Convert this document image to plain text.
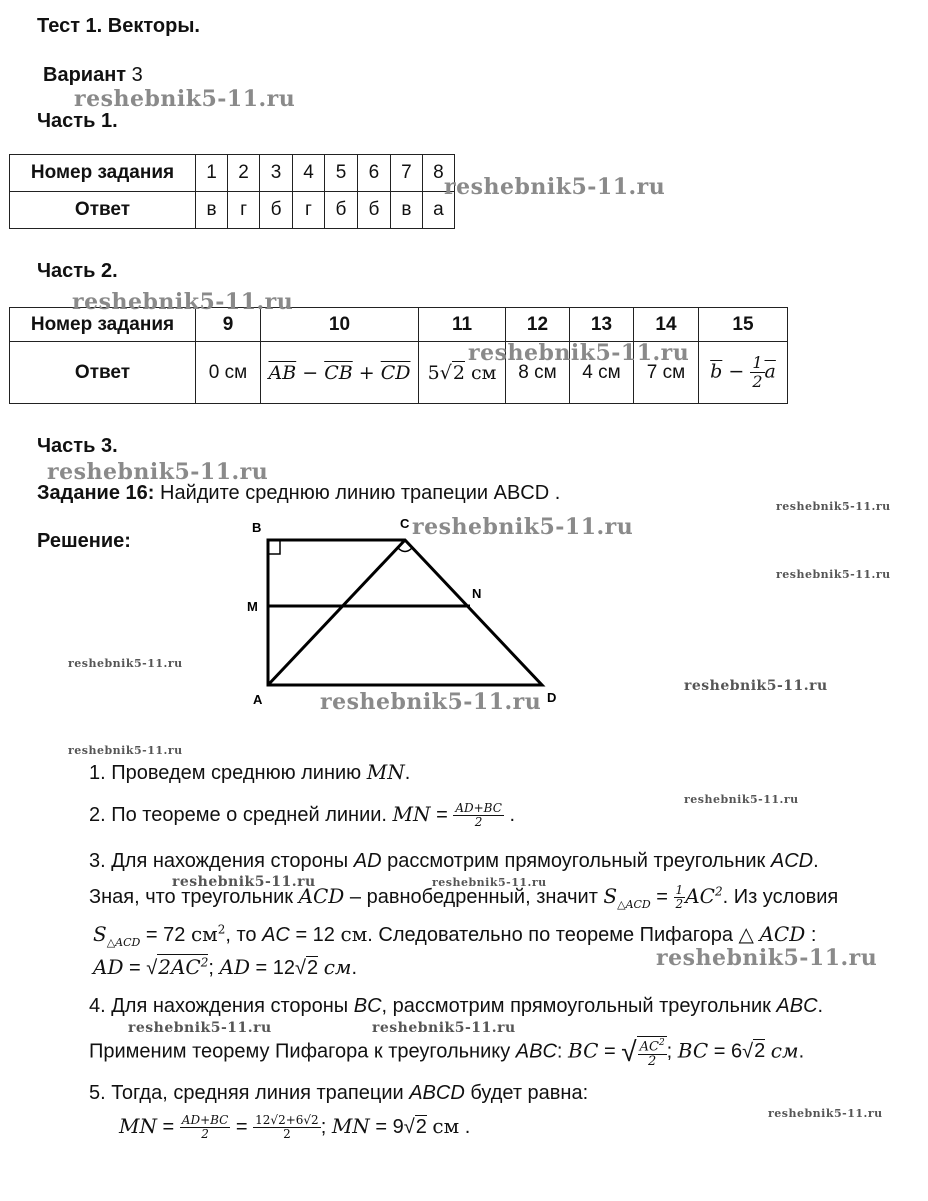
Тест 1. Векторы.
Вариант 3
Часть 1.
Номер задания	1	2	3	4	5	6	7	8
Ответ	в	г	б	г	б	б	в	а
Часть 2.
Номер задания	9	10	11	12	13	14	15
Ответ	0 см	$\overline{AB} - \overline{CB} + \overline{CD}$	5√2 см	8 см	4 см	7 см	$\overline{b} - \frac{1}{2} \overline{a}$
Часть 3.
Задание 16: Найдите среднюю линию трапеции ABCD .
Решение:
B	C
M
N
A	D
1. Проведем среднюю линию MN.
2. По теореме о средней линии. MN = $\frac{AD+BC}{2}$ .
3. Для нахождения стороны AD рассмотрим прямоугольный треугольник ACD.
Зная, что треугольник ACD – равнобедренный, значит $S_{\triangle ACD} = \frac{1}{2} AC^2$. Из условия
$S_{\triangle ACD} = 72$ $см^2$, то AC = 12 см. Следовательно по теореме Пифагора △ ACD :
AD = $√2AC^2$; AD = 12√2 см.
4. Для нахождения стороны BC, рассмотрим прямоугольный треугольник ABC.
Применим теорему Пифагора к треугольнику ABC: BC = √ $\frac{AC^2}{2}$ ; BC = 6√2 см.
5. Тогда, средняя линия трапеции ABCD будет равна:
MN = $\frac{AD+BC}{2} = \frac{12√2+6√2}{2}$ ; MN = 9√2 см .
reshebnik5-11.ru
reshebnik5-11.ru
reshebnik5-11.ru
reshebnik5-11.ru
reshebnik5-11.ru
reshebnik5-11.ru
reshebnik5-11.ru
reshebnik5-11.ru
reshebnik5-11.ru
reshebnik5-11.ru
reshebnik5-11.ru
reshebnik5-11.ru
reshebnik5-11.ru
reshebnik5-11.ru
reshebnik5-11.ru	reshebnik5-11.ru
reshebnik5-11.ru	reshebnik5-11.ru
reshebnik5-11.ru
